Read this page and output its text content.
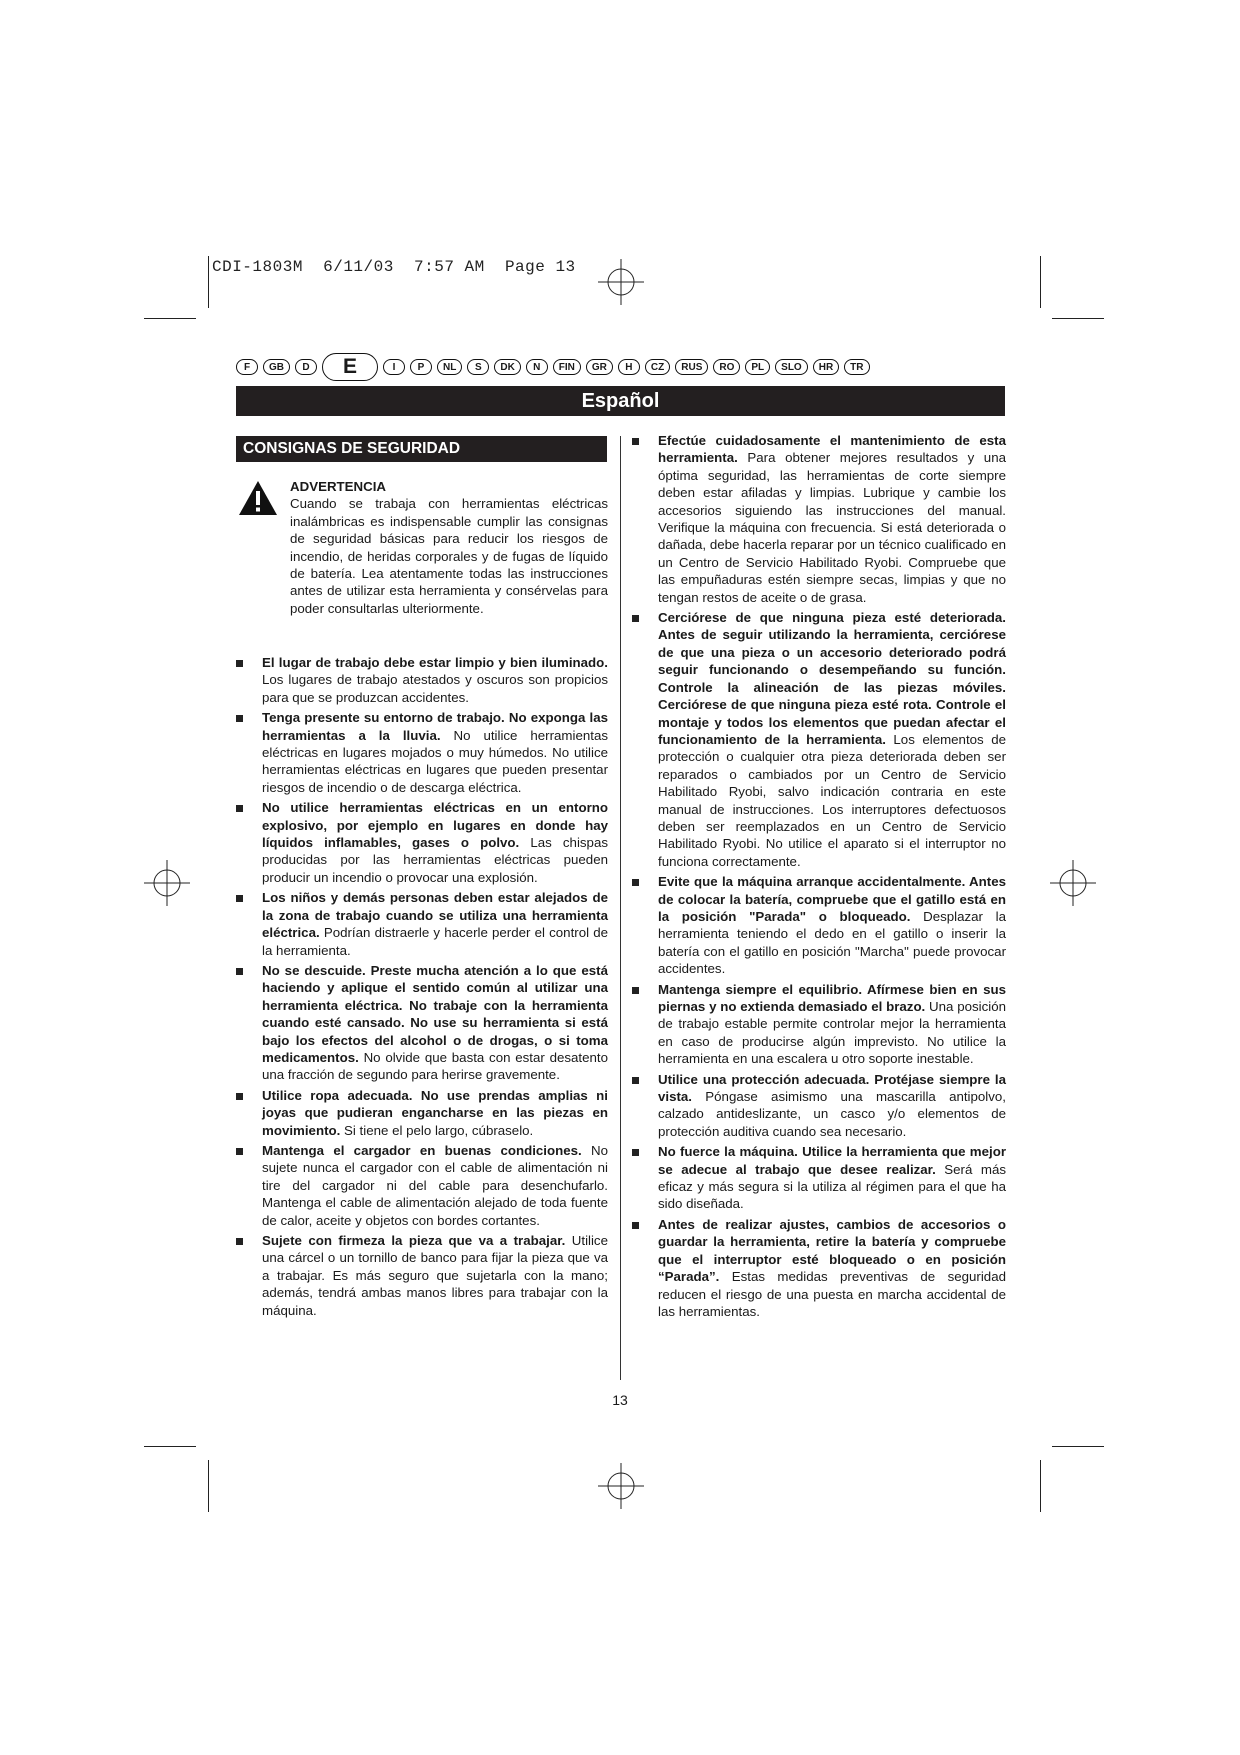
CDI-1803M  6/11/03  7:57 AM  Page 13
F	GB	D	E	I	P	NL	S	DK	N	FIN	GR	H	CZ	RUS	RO	PL	SLO	HR	TR
Español
CONSIGNAS DE SEGURIDAD
ADVERTENCIA
Cuando se trabaja con herramientas eléctricas inalámbricas es indispensable cumplir las consignas de seguridad básicas para reducir los riesgos de incendio, de heridas corporales y de fugas de líquido de batería. Lea atentamente todas las instrucciones antes de utilizar esta herramienta y consérvelas para poder consultarlas ulteriormente.
El lugar de trabajo debe estar limpio y bien iluminado. Los lugares de trabajo atestados y oscuros son propicios para que se produzcan accidentes.
Tenga presente su entorno de trabajo. No exponga las herramientas a la lluvia. No utilice herramientas eléctricas en lugares mojados o muy húmedos. No utilice herramientas eléctricas en lugares que pueden presentar riesgos de incendio o de descarga eléctrica.
No utilice herramientas eléctricas en un entorno explosivo, por ejemplo en lugares en donde hay líquidos inflamables, gases o polvo. Las chispas producidas por las herramientas eléctricas pueden producir un incendio o provocar una explosión.
Los niños y demás personas deben estar alejados de la zona de trabajo cuando se utiliza una herramienta eléctrica. Podrían distraerle y hacerle perder el control de la herramienta.
No se descuide. Preste mucha atención a lo que está haciendo y aplique el sentido común al utilizar una herramienta eléctrica. No trabaje con la herramienta cuando esté cansado. No use su herramienta si está bajo los efectos del alcohol o de drogas, o si toma medicamentos. No olvide que basta con estar desatento una fracción de segundo para herirse gravemente.
Utilice ropa adecuada. No use prendas amplias ni joyas que pudieran engancharse en las piezas en movimiento. Si tiene el pelo largo, cúbraselo.
Mantenga el cargador en buenas condiciones. No sujete nunca el cargador con el cable de alimentación ni tire del cargador ni del cable para desenchufarlo. Mantenga el cable de alimentación alejado de toda fuente de calor, aceite y objetos con bordes cortantes.
Sujete con firmeza la pieza que va a trabajar. Utilice una cárcel o un tornillo de banco para fijar la pieza que va a trabajar. Es más seguro que sujetarla con la mano; además, tendrá ambas manos libres para trabajar con la máquina.
Efectúe cuidadosamente el mantenimiento de esta herramienta. Para obtener mejores resultados y una óptima seguridad, las herramientas de corte siempre deben estar afiladas y limpias. Lubrique y cambie los accesorios siguiendo las instrucciones del manual. Verifique la máquina con frecuencia. Si está deteriorada o dañada, debe hacerla reparar por un técnico cualificado en un Centro de Servicio Habilitado Ryobi. Compruebe que las empuñaduras estén siempre secas, limpias y que no tengan restos de aceite o de grasa.
Cerciórese de que ninguna pieza esté deteriorada. Antes de seguir utilizando la herramienta, cerciórese de que una pieza o un accesorio deteriorado podrá seguir funcionando o desempeñando su función. Controle la alineación de las piezas móviles. Cerciórese de que ninguna pieza esté rota. Controle el montaje y todos los elementos que puedan afectar el funcionamiento de la herramienta. Los elementos de protección o cualquier otra pieza deteriorada deben ser reparados o cambiados por un Centro de Servicio Habilitado Ryobi, salvo indicación contraria en este manual de instrucciones. Los interruptores defectuosos deben ser reemplazados en un Centro de Servicio Habilitado Ryobi. No utilice el aparato si el interruptor no funciona correctamente.
Evite que la máquina arranque accidentalmente. Antes de colocar la batería, compruebe que el gatillo está en la posición "Parada" o bloqueado. Desplazar la herramienta teniendo el dedo en el gatillo o inserir la batería con el gatillo en posición "Marcha" puede provocar accidentes.
Mantenga siempre el equilibrio. Afírmese bien en sus piernas y no extienda demasiado el brazo. Una posición de trabajo estable permite controlar mejor la herramienta en caso de producirse algún imprevisto. No utilice la herramienta en una escalera u otro soporte inestable.
Utilice una protección adecuada. Protéjase siempre la vista. Póngase asimismo una mascarilla antipolvo, calzado antideslizante, un casco y/o elementos de protección auditiva cuando sea necesario.
No fuerce la máquina. Utilice la herramienta que mejor se adecue al trabajo que desee realizar. Será más eficaz y más segura si la utiliza al régimen para el que ha sido diseñada.
Antes de realizar ajustes, cambios de accesorios o guardar la herramienta, retire la batería y compruebe que el interruptor esté bloqueado o en posición “Parada”. Estas medidas preventivas de seguridad reducen el riesgo de una puesta en marcha accidental de las herramientas.
13
